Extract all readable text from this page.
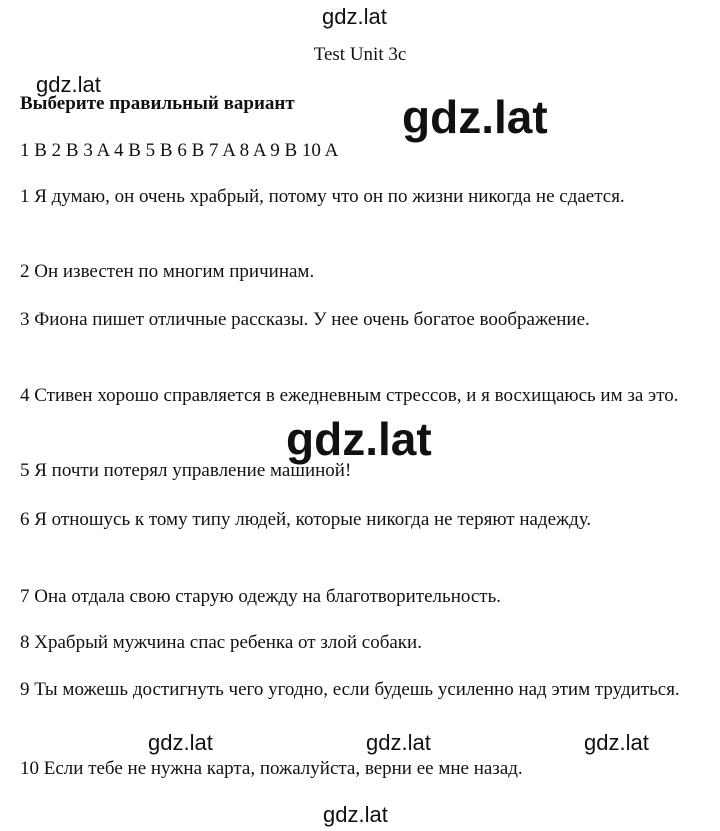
Test Unit 3c
Выберите правильный вариант
1 B 2 B 3 A 4 B 5 B 6 B 7 A 8 A 9 B 10 A
1 Я думаю, он очень храбрый, потому что он по жизни никогда не сдается.
2 Он известен по многим причинам.
3 Фиона пишет отличные рассказы. У нее очень богатое воображение.
4 Стивен хорошо справляется в ежедневным стрессов, и я восхищаюсь им за это.
5 Я почти потерял управление машиной!
6 Я отношусь к тому типу людей, которые никогда не теряют надежду.
7 Она отдала свою старую одежду на благотворительность.
8 Храбрый мужчина спас ребенка от злой собаки.
9 Ты можешь достигнуть чего угодно, если будешь усиленно над этим трудиться.
10 Если тебе не нужна карта, пожалуйста, верни ее мне назад.
gdz.lat
gdz.lat
gdz.lat
gdz.lat
gdz.lat	gdz.lat	gdz.lat
gdz.lat
